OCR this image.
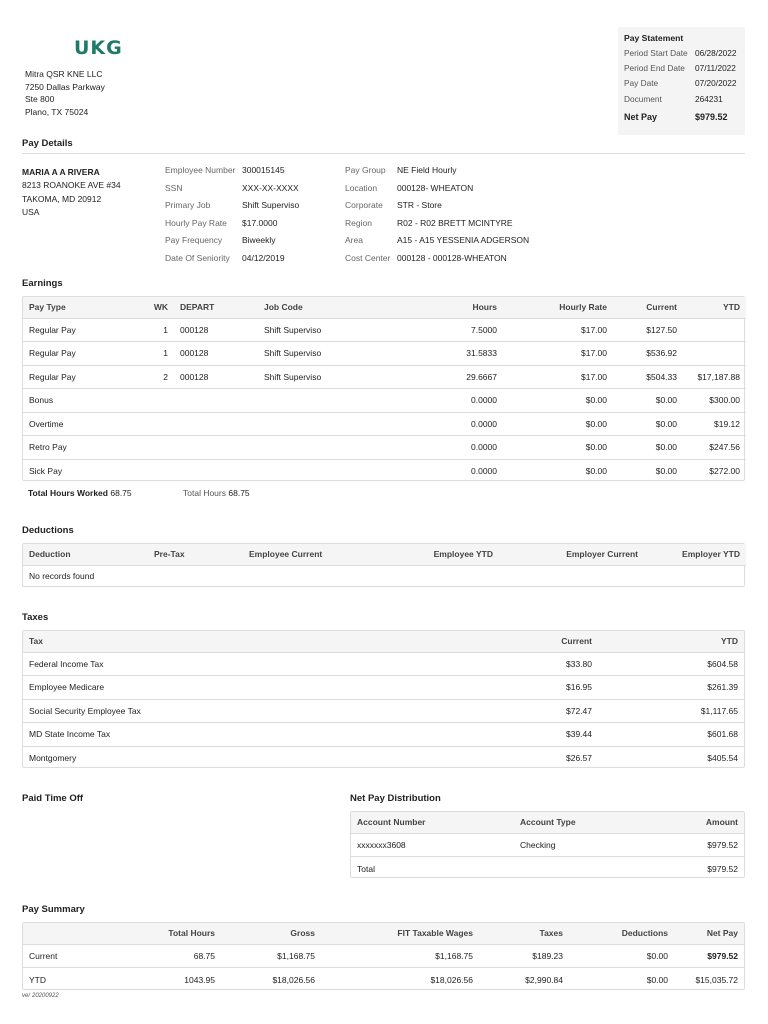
UKG
Mitra QSR KNE LLC
7250 Dallas Parkway
Ste 800
Plano, TX 75024
Pay Statement
Period Start Date 06/28/2022
Period End Date	07/11/2022
Pay Date	07/20/2022
Document	264231
Net Pay	$979.52
Pay Details
MARIA A A RIVERA
8213 ROANOKE AVE #34
TAKOMA, MD 20912
USA
Employee Number 300015145
SSN	XXX-XX-XXXX
Primary Job	Shift Superviso
Hourly Pay Rate	$17.0000
Pay Frequency	Biweekly
Date Of Seniority	04/12/2019
Pay Group	NE Field Hourly
Location	000128- WHEATON
Corporate	STR - Store
Region	R02 - R02 BRETT MCINTYRE
Area	A15 - A15 YESSENIA ADGERSON
Cost Center 000128 - 000128-WHEATON
Earnings
Pay Type	WK	DEPART	Job Code	Hours	Hourly Rate	Current	YTD
Regular Pay	1	000128	Shift Superviso	7.5000	$17.00	$127.50	
Regular Pay	1	000128	Shift Superviso	31.5833	$17.00	$536.92	
Regular Pay	2	000128	Shift Superviso	29.6667	$17.00	$504.33	$17,187.88
Bonus				0.0000	$0.00	$0.00	$300.00
Overtime				0.0000	$0.00	$0.00	$19.12
Retro Pay				0.0000	$0.00	$0.00	$247.56
Sick Pay				0.0000	$0.00	$0.00	$272.00
Total Hours Worked 68.75	Total Hours 68.75
Deductions
Deduction	Pre-Tax	Employee Current	Employee YTD	Employer Current	Employer YTD
No records found
Taxes
Tax	Current	YTD
Federal Income Tax	$33.80	$604.58
Employee Medicare	$16.95	$261.39
Social Security Employee Tax	$72.47	$1,117.65
MD State Income Tax	$39.44	$601.68
Montgomery	$26.57	$405.54
Paid Time Off	Net Pay Distribution
Account Number	Account Type	Amount
xxxxxxx3608	Checking	$979.52
Total		$979.52
Pay Summary
	Total Hours	Gross	FIT Taxable Wages	Taxes	Deductions	Net Pay
Current	68.75	$1,168.75	$1,168.75	$189.23	$0.00	$979.52
YTD	1043.95	$18,026.56	$18,026.56	$2,990.84	$0.00	$15,035.72
ver 20200922
